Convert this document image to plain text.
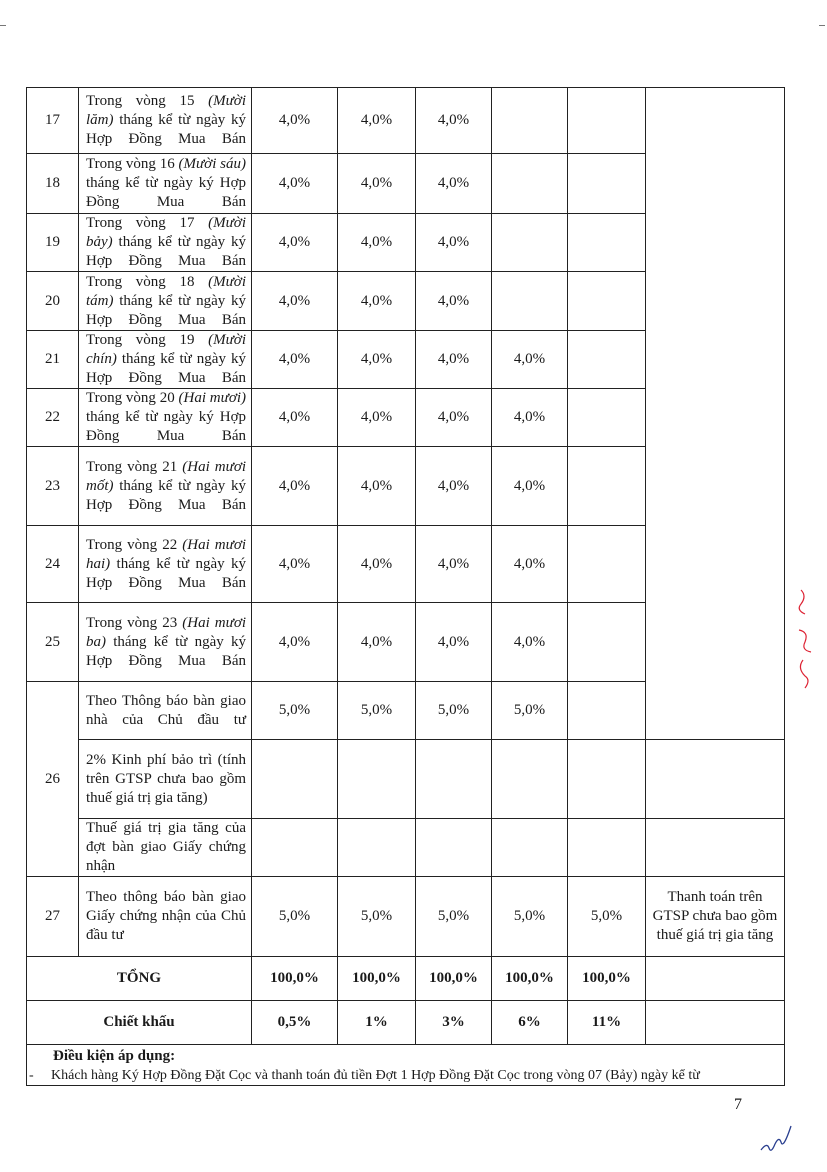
17	Trong vòng 15 (Mười lăm) tháng kể từ ngày ký Hợp Đồng Mua Bán	4,0%	4,0%	4,0%			
18	Trong vòng 16 (Mười sáu) tháng kể từ ngày ký Hợp Đồng Mua Bán	4,0%	4,0%	4,0%			
19	Trong vòng 17 (Mười bảy) tháng kể từ ngày ký Hợp Đồng Mua Bán	4,0%	4,0%	4,0%			
20	Trong vòng 18 (Mười tám) tháng kể từ ngày ký Hợp Đồng Mua Bán	4,0%	4,0%	4,0%			
21	Trong vòng 19 (Mười chín) tháng kể từ ngày ký Hợp Đồng Mua Bán	4,0%	4,0%	4,0%	4,0%		
22	Trong vòng 20 (Hai mươi) tháng kể từ ngày ký Hợp Đồng Mua Bán	4,0%	4,0%	4,0%	4,0%		
23	Trong vòng 21 (Hai mươi mốt) tháng kể từ ngày ký Hợp Đồng Mua Bán	4,0%	4,0%	4,0%	4,0%		
24	Trong vòng 22 (Hai mươi hai) tháng kể từ ngày ký Hợp Đồng Mua Bán	4,0%	4,0%	4,0%	4,0%		
25	Trong vòng 23 (Hai mươi ba) tháng kể từ ngày ký Hợp Đồng Mua Bán	4,0%	4,0%	4,0%	4,0%		
26	Theo Thông báo bàn giao nhà của Chủ đầu tư	5,0%	5,0%	5,0%	5,0%		
	2% Kinh phí bảo trì (tính trên GTSP chưa bao gồm thuế giá trị gia tăng)						
	Thuế giá trị gia tăng của đợt bàn giao Giấy chứng nhận						
27	Theo thông báo bàn giao Giấy chứng nhận của Chủ đầu tư	5,0%	5,0%	5,0%	5,0%	5,0%	Thanh toán trên GTSP chưa bao gồm thuế giá trị gia tăng
TỔNG		100,0%	100,0%	100,0%	100,0%	100,0%	
Chiết khấu		0,5%	1%	3%	6%	11%	

Điều kiện áp dụng:
- Khách hàng Ký Hợp Đồng Đặt Cọc và thanh toán đủ tiền Đợt 1 Hợp Đồng Đặt Cọc trong vòng 07 (Bảy) ngày kể từ							
7
